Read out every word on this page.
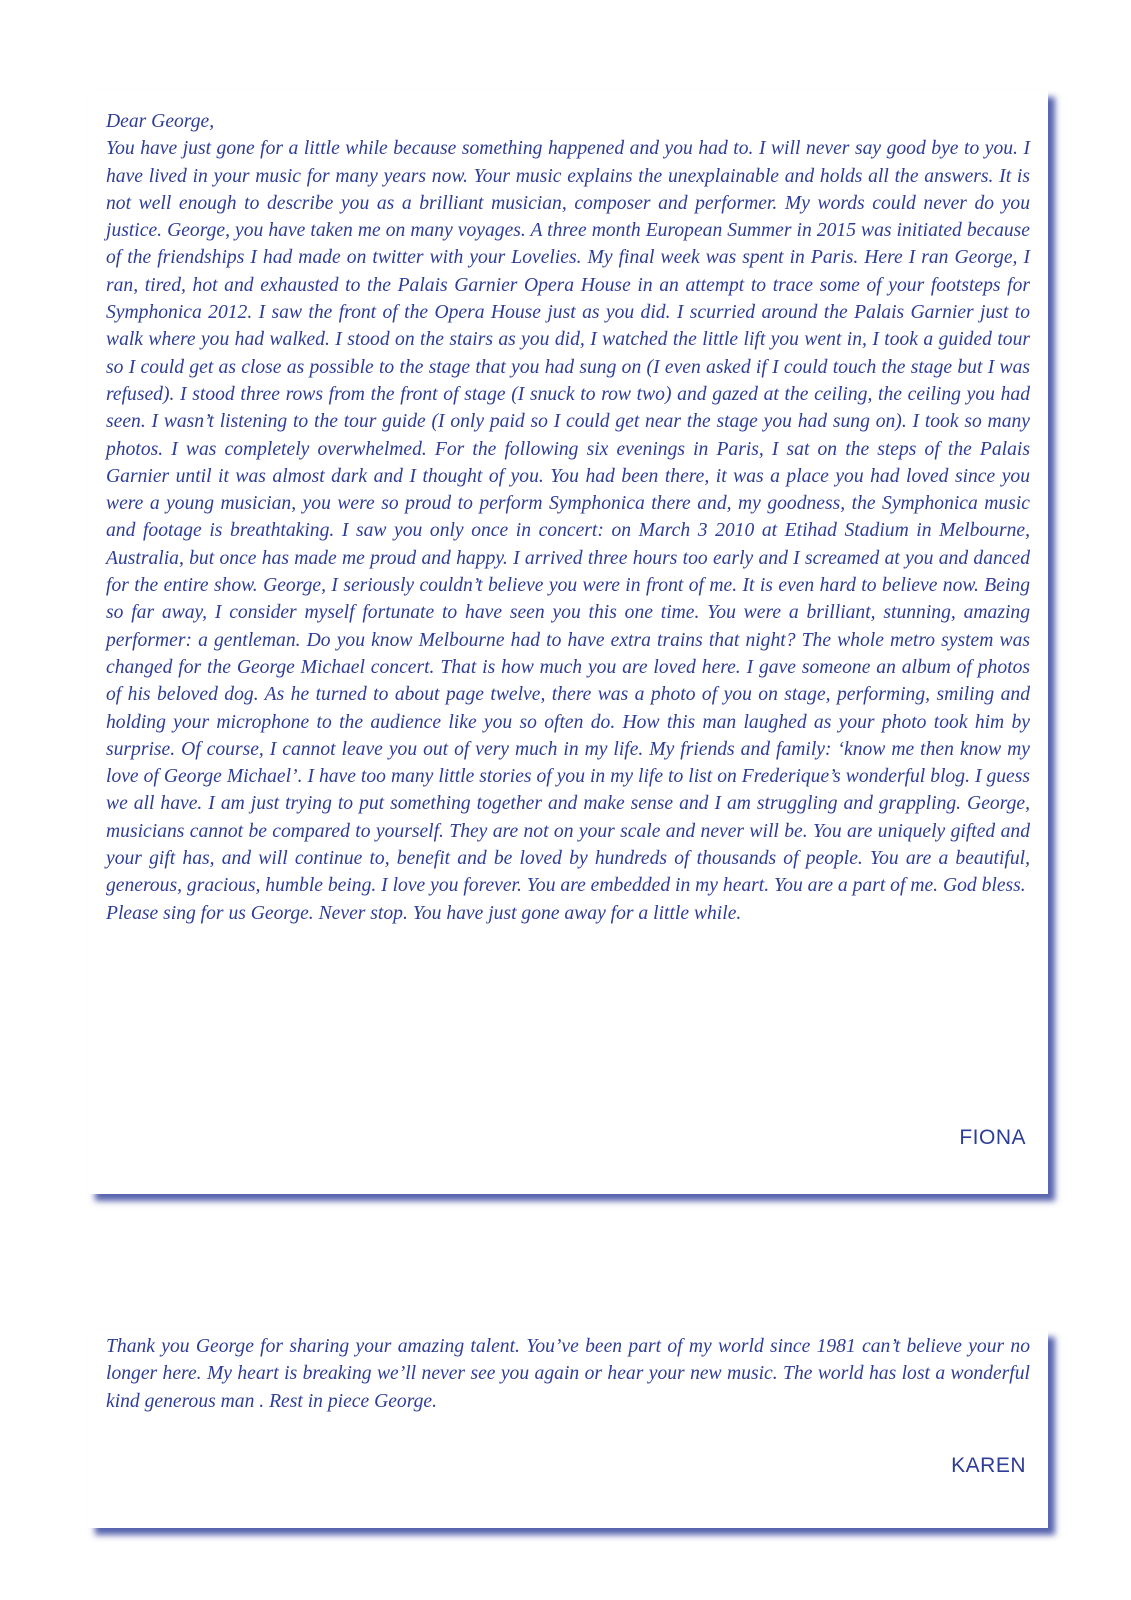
Dear George,

You have just gone for a little while because something happened and you had to. I will never say good bye to you. I have lived in your music for many years now. Your music explains the unexplainable and holds all the answers. It is not well enough to describe you as a brilliant musician, composer and performer. My words could never do you justice. George, you have taken me on many voyages. A three month European Summer in 2015 was initiated because of the friendships I had made on twitter with your Lovelies. My final week was spent in Paris. Here I ran George, I ran, tired, hot and exhausted to the Palais Garnier Opera House in an attempt to trace some of your footsteps for Symphonica 2012. I saw the front of the Opera House just as you did. I scurried around the Palais Garnier just to walk where you had walked. I stood on the stairs as you did, I watched the little lift you went in, I took a guided tour so I could get as close as possible to the stage that you had sung on (I even asked if I could touch the stage but I was refused). I stood three rows from the front of stage (I snuck to row two) and gazed at the ceiling, the ceiling you had seen. I wasn’t listening to the tour guide (I only paid so I could get near the stage you had sung on). I took so many photos. I was completely overwhelmed. For the following six evenings in Paris, I sat on the steps of the Palais Garnier until it was almost dark and I thought of you. You had been there, it was a place you had loved since you were a young musician, you were so proud to perform Symphonica there and, my goodness, the Symphonica music and footage is breathtaking. I saw you only once in concert: on March 3 2010 at Etihad Stadium in Melbourne, Australia, but once has made me proud and happy. I arrived three hours too early and I screamed at you and danced for the entire show. George, I seriously couldn’t believe you were in front of me. It is even hard to believe now. Being so far away, I consider myself fortunate to have seen you this one time. You were a brilliant, stunning, amazing performer: a gentleman. Do you know Melbourne had to have extra trains that night? The whole metro system was changed for the George Michael concert. That is how much you are loved here. I gave someone an album of photos of his beloved dog. As he turned to about page twelve, there was a photo of you on stage, performing, smiling and holding your microphone to the audience like you so often do. How this man laughed as your photo took him by surprise. Of course, I cannot leave you out of very much in my life. My friends and family: ‘know me then know my love of George Michael’. I have too many little stories of you in my life to list on Frederique’s wonderful blog. I guess we all have. I am just trying to put something together and make sense and I am struggling and grappling. George, musicians cannot be compared to yourself. They are not on your scale and never will be. You are uniquely gifted and your gift has, and will continue to, benefit and be loved by hundreds of thousands of people. You are a beautiful, generous, gracious, humble being. I love you forever. You are embedded in my heart. You are a part of me. God bless.

Please sing for us George. Never stop. You have just gone away for a little while.

FIONA

Thank you George for sharing your amazing talent. You’ve been part of my world since 1981 can’t believe your no longer here. My heart is breaking we’ll never see you again or hear your new music. The world has lost a wonderful kind generous man . Rest in piece George.

KAREN
